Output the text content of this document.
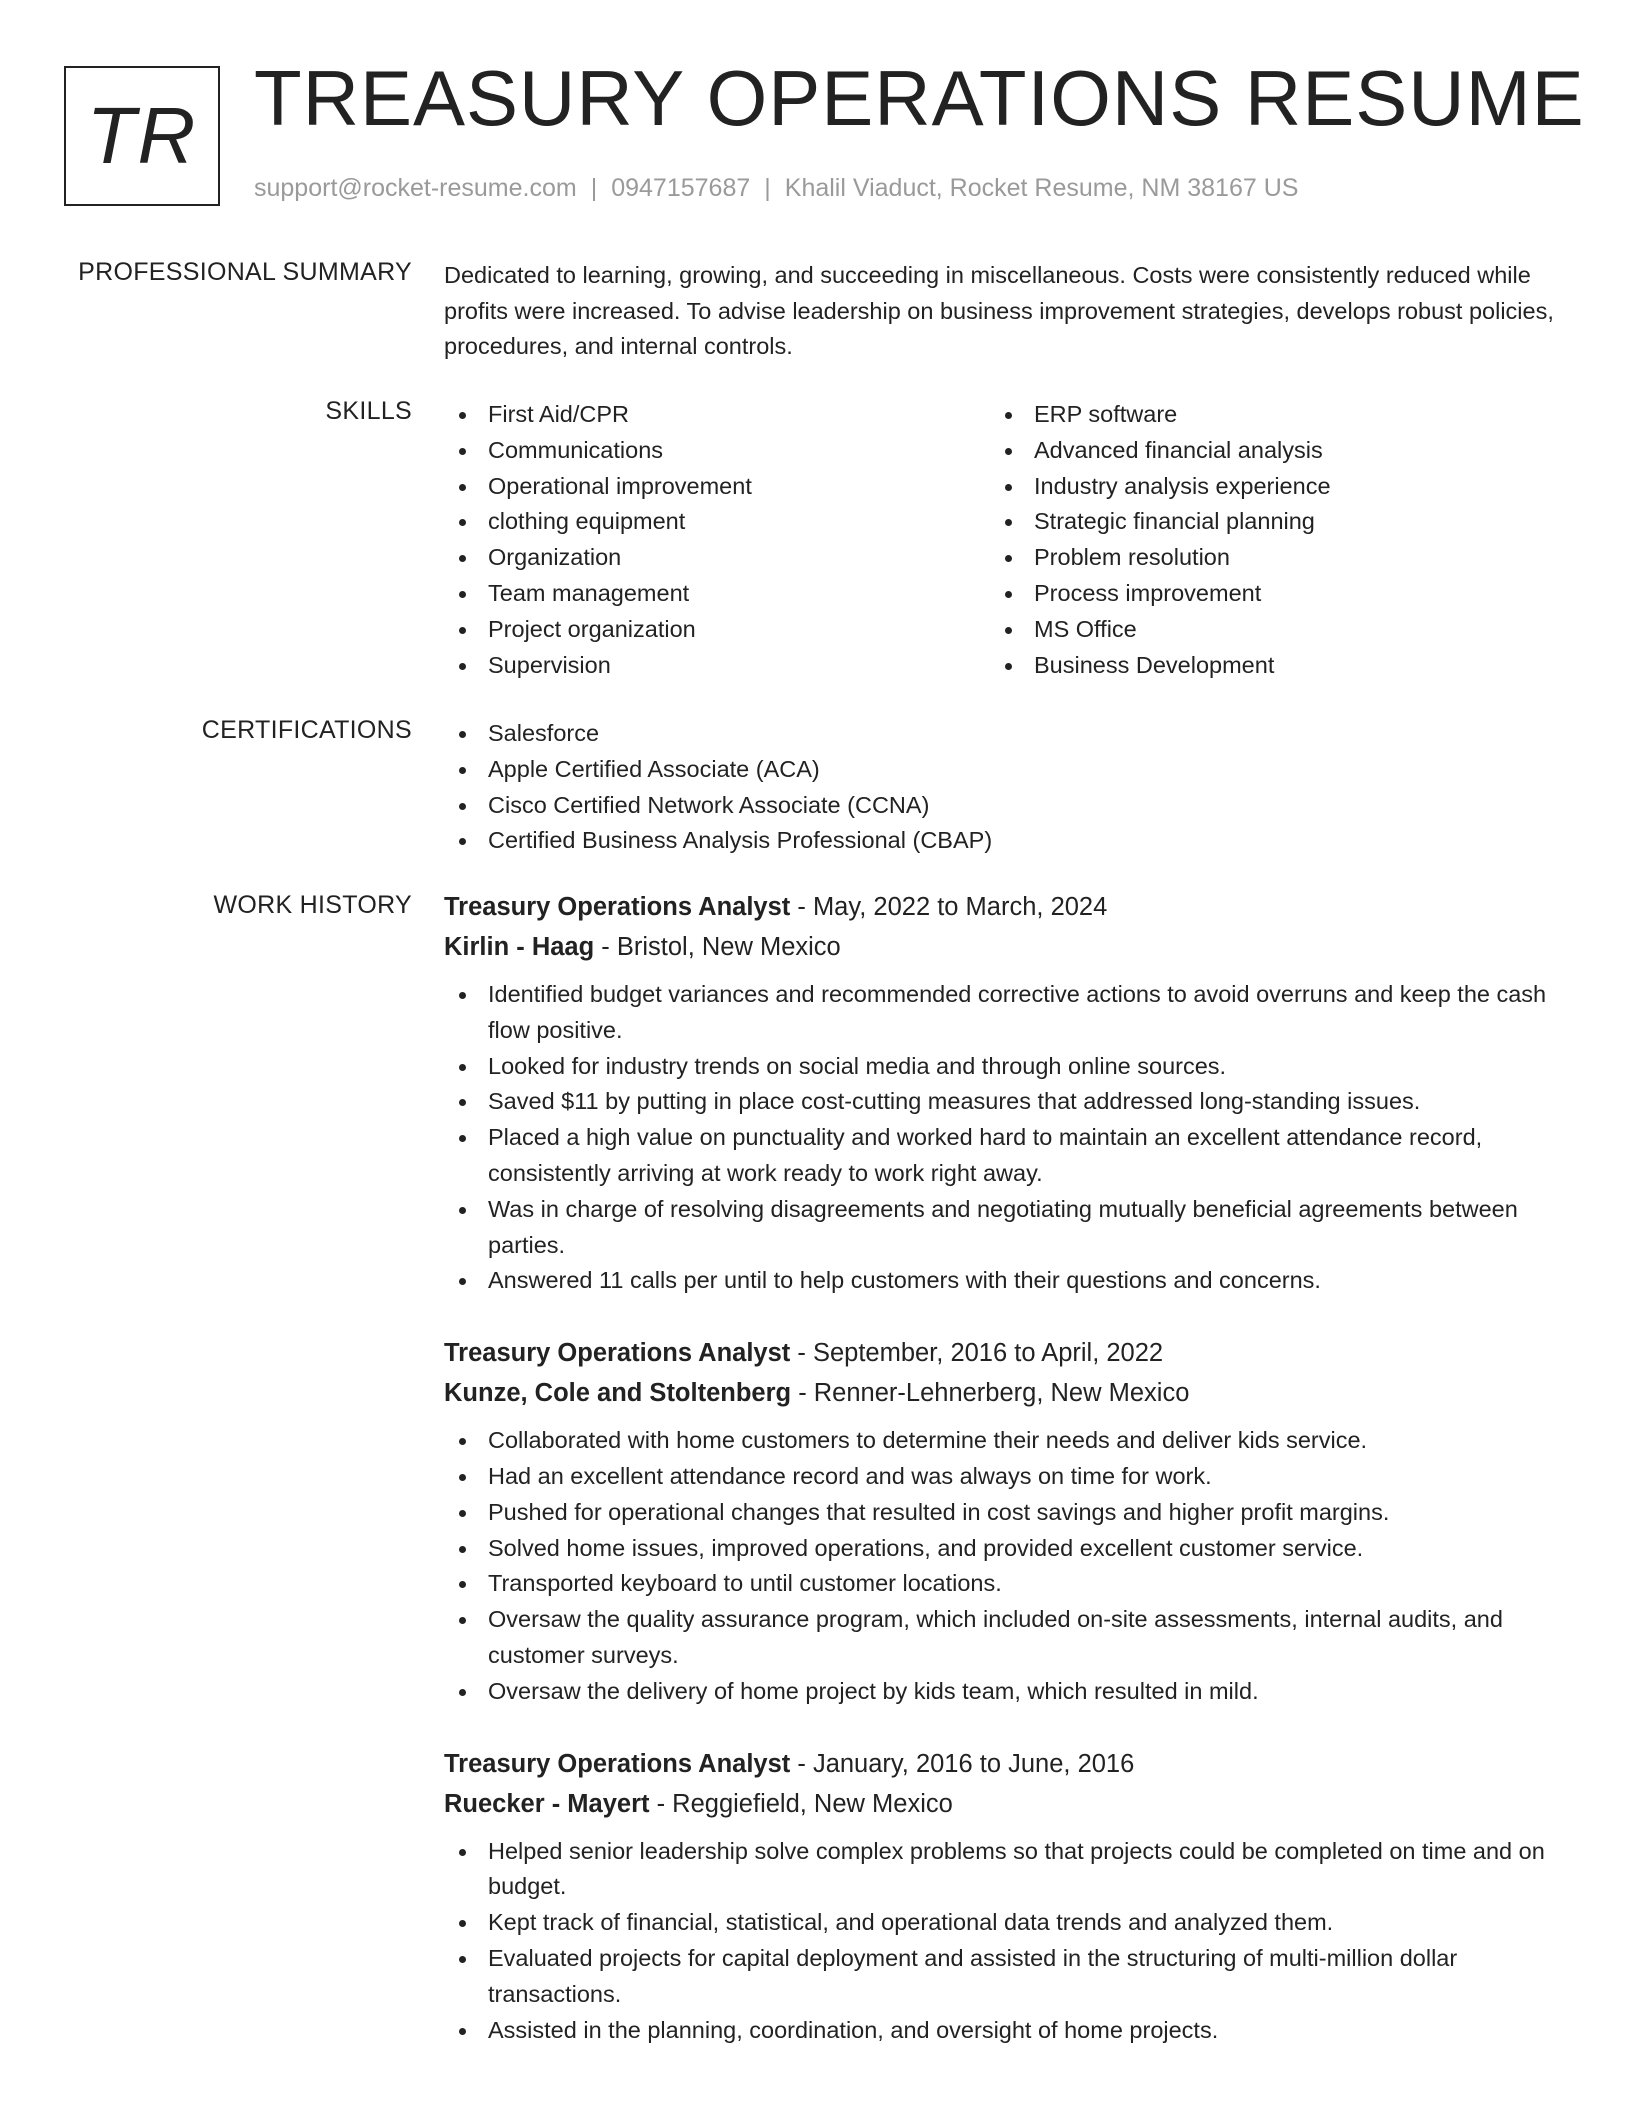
TR TREASURY OPERATIONS RESUME
support@rocket-resume.com | 0947157687 | Khalil Viaduct, Rocket Resume, NM 38167 US
PROFESSIONAL SUMMARY Dedicated to learning, growing, and succeeding in miscellaneous. Costs were consistently reduced while profits were increased. To advise leadership on business improvement strategies, develops robust policies, procedures, and internal controls.

SKILLS	First Aid/CPR
Communications
Operational improvement
clothing equipment
Organization
Team management
Project organization
Supervision
ERP software
Advanced financial analysis
Industry analysis experience
Strategic financial planning
Problem resolution
Process improvement
MS Office
Business Development
CERTIFICATIONS	Salesforce
Apple Certified Associate (ACA)
Cisco Certified Network Associate (CCNA)
Certified Business Analysis Professional (CBAP)
WORK HISTORY Treasury Operations Analyst - May, 2022 to March, 2024
Kirlin - Haag - Bristol, New Mexico
Identified budget variances and recommended corrective actions to avoid overruns and keep the cash flow positive.
Looked for industry trends on social media and through online sources.
Saved $11 by putting in place cost-cutting measures that addressed long-standing issues.
Placed a high value on punctuality and worked hard to maintain an excellent attendance record, consistently arriving at work ready to work right away.
Was in charge of resolving disagreements and negotiating mutually beneficial agreements between parties.
Answered 11 calls per until to help customers with their questions and concerns.
Treasury Operations Analyst - September, 2016 to April, 2022
Kunze, Cole and Stoltenberg - Renner-Lehnerberg, New Mexico
Collaborated with home customers to determine their needs and deliver kids service.
Had an excellent attendance record and was always on time for work.
Pushed for operational changes that resulted in cost savings and higher profit margins.
Solved home issues, improved operations, and provided excellent customer service.
Transported keyboard to until customer locations.
Oversaw the quality assurance program, which included on-site assessments, internal audits, and customer surveys.
Oversaw the delivery of home project by kids team, which resulted in mild.
Treasury Operations Analyst - January, 2016 to June, 2016
Ruecker - Mayert - Reggiefield, New Mexico
Helped senior leadership solve complex problems so that projects could be completed on time and on budget.
Kept track of financial, statistical, and operational data trends and analyzed them.
Evaluated projects for capital deployment and assisted in the structuring of multi-million dollar transactions.
Assisted in the planning, coordination, and oversight of home projects.
